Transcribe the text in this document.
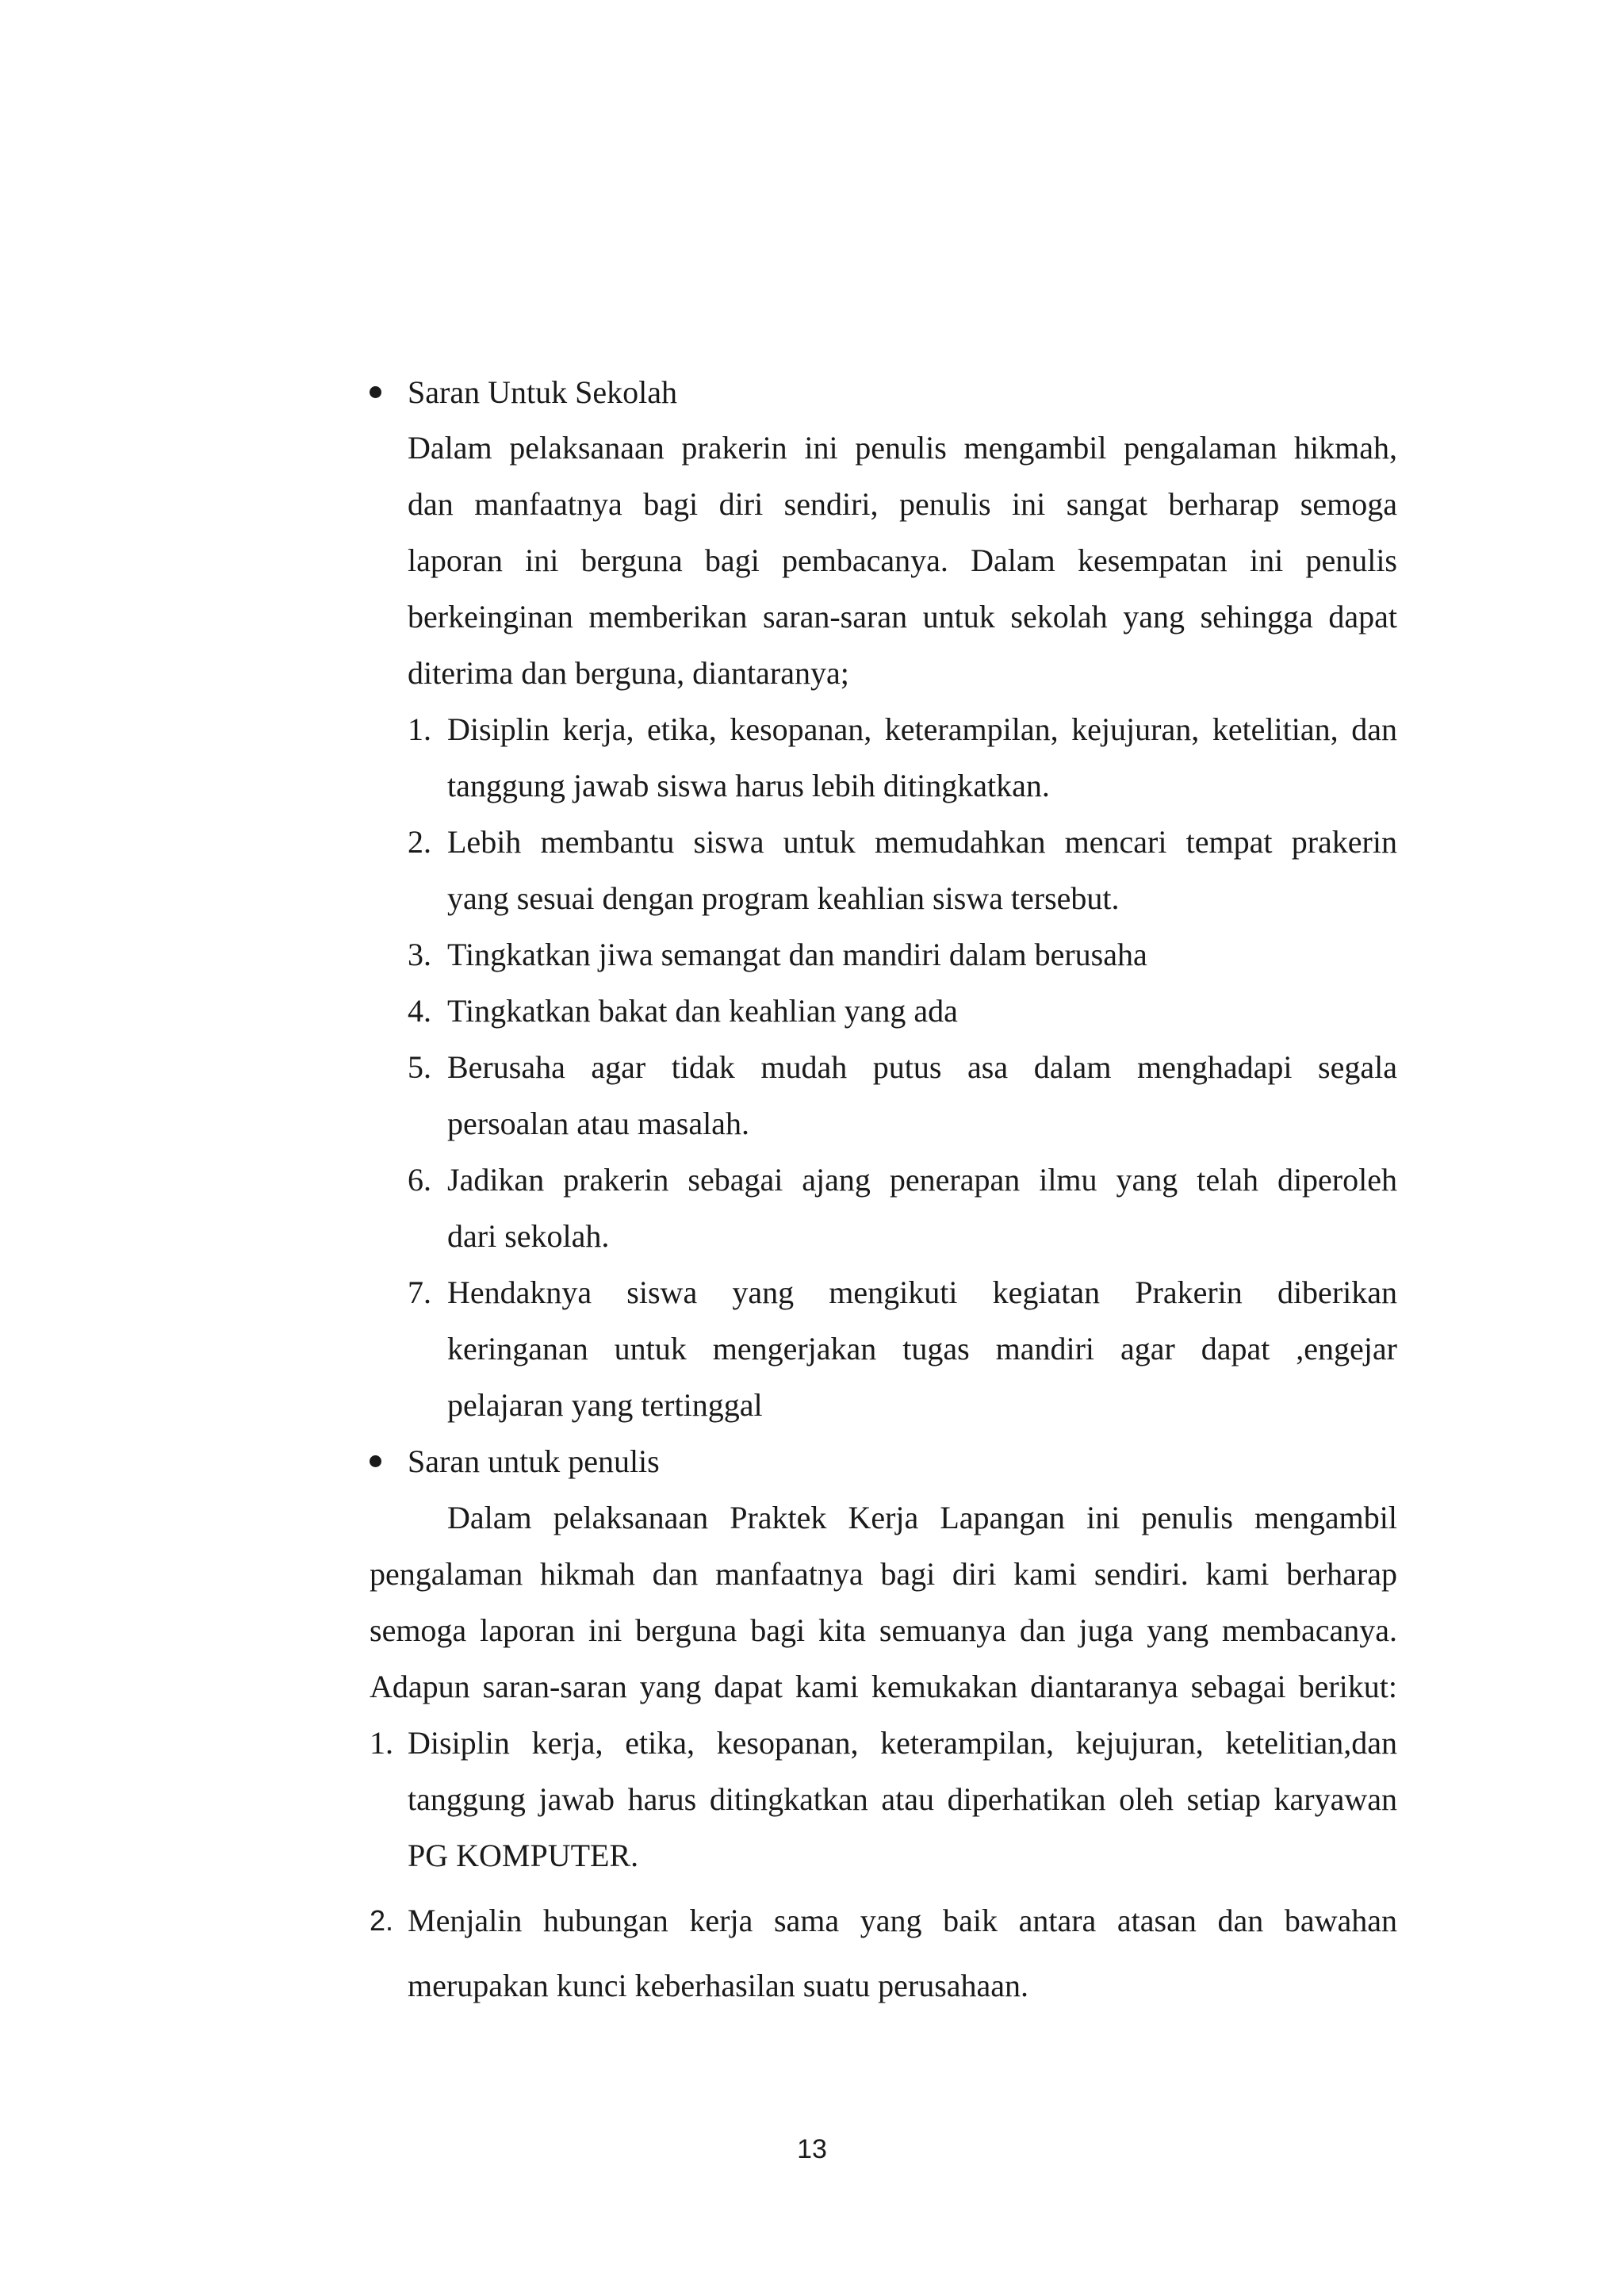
Saran Untuk Sekolah
Dalam pelaksanaan prakerin ini penulis mengambil pengalaman hikmah,
dan manfaatnya bagi diri sendiri, penulis ini sangat berharap semoga
laporan ini berguna bagi pembacanya. Dalam kesempatan ini penulis
berkeinginan memberikan saran-saran untuk sekolah yang sehingga dapat
diterima dan berguna, diantaranya;
1. Disiplin kerja, etika, kesopanan, keterampilan, kejujuran, ketelitian, dan
tanggung jawab siswa harus lebih ditingkatkan.
2. Lebih membantu siswa untuk memudahkan mencari tempat prakerin
yang sesuai dengan program keahlian siswa tersebut.
3. Tingkatkan jiwa semangat dan mandiri dalam berusaha
4. Tingkatkan bakat dan keahlian yang ada
5. Berusaha agar tidak mudah putus asa dalam menghadapi segala
persoalan atau masalah.
6. Jadikan prakerin sebagai ajang penerapan ilmu yang telah diperoleh
dari sekolah.
7. Hendaknya siswa yang mengikuti kegiatan Prakerin diberikan
keringanan untuk mengerjakan tugas mandiri agar dapat ,engejar
pelajaran yang tertinggal
Saran untuk penulis
Dalam pelaksanaan Praktek Kerja Lapangan ini penulis mengambil
pengalaman hikmah dan manfaatnya bagi diri kami sendiri. kami berharap
semoga laporan ini berguna bagi kita semuanya dan juga yang membacanya.
Adapun saran-saran yang dapat kami kemukakan diantaranya sebagai berikut:
1. Disiplin kerja, etika, kesopanan, keterampilan, kejujuran, ketelitian,dan
tanggung jawab harus ditingkatkan atau diperhatikan oleh setiap karyawan
PG KOMPUTER.
2. Menjalin hubungan kerja sama yang baik antara atasan dan bawahan
merupakan kunci keberhasilan suatu perusahaan.
13
